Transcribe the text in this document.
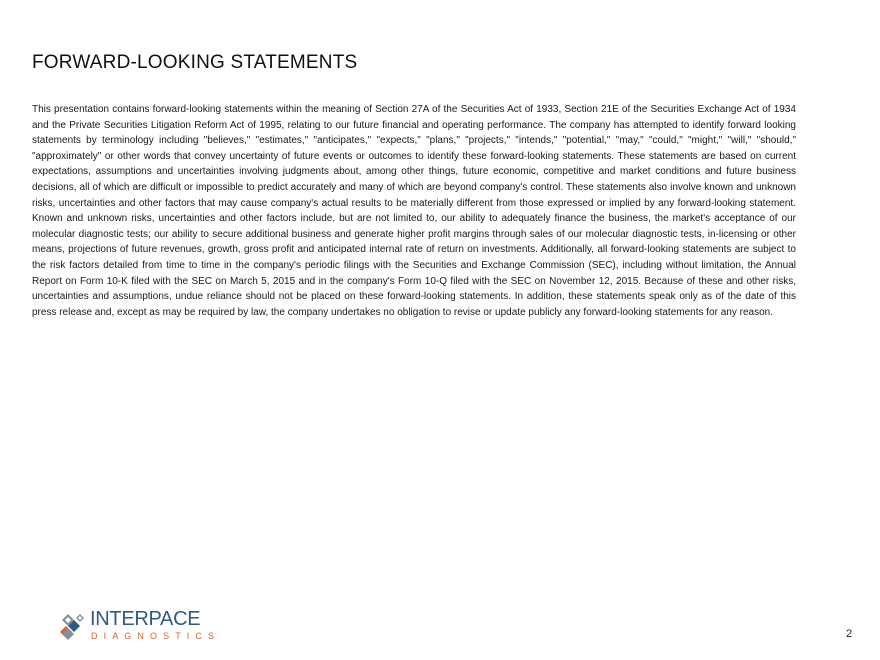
FORWARD-LOOKING STATEMENTS

This presentation contains forward-looking statements within the meaning of Section 27A of the Securities Act of 1933, Section 21E of the Securities Exchange Act of 1934 and the Private Securities Litigation Reform Act of 1995, relating to our future financial and operating performance. The company has attempted to identify forward looking statements by terminology including "believes," "estimates," "anticipates," "expects," "plans," "projects," "intends," "potential," "may," "could," "might," "will," "should," "approximately" or other words that convey uncertainty of future events or outcomes to identify these forward-looking statements. These statements are based on current expectations, assumptions and uncertainties involving judgments about, among other things, future economic, competitive and market conditions and future business decisions, all of which are difficult or impossible to predict accurately and many of which are beyond company's control. These statements also involve known and unknown risks, uncertainties and other factors that may cause company's actual results to be materially different from those expressed or implied by any forward-looking statement. Known and unknown risks, uncertainties and other factors include, but are not limited to, our ability to adequately finance the business, the market's acceptance of our molecular diagnostic tests; our ability to secure additional business and generate higher profit margins through sales of our molecular diagnostic tests, in-licensing or other means, projections of future revenues, growth, gross profit and anticipated internal rate of return on investments. Additionally, all forward-looking statements are subject to the risk factors detailed from time to time in the company's periodic filings with the Securities and Exchange Commission (SEC), including without limitation, the Annual Report on Form 10-K filed with the SEC on March 5, 2015 and in the company's Form 10-Q filed with the SEC on November 12, 2015. Because of these and other risks, uncertainties and assumptions, undue reliance should not be placed on these forward-looking statements. In addition, these statements speak only as of the date of this press release and, except as may be required by law, the company undertakes no obligation to revise or update publicly any forward-looking statements for any reason.

INTERPACE
DIAGNOSTICS	2
